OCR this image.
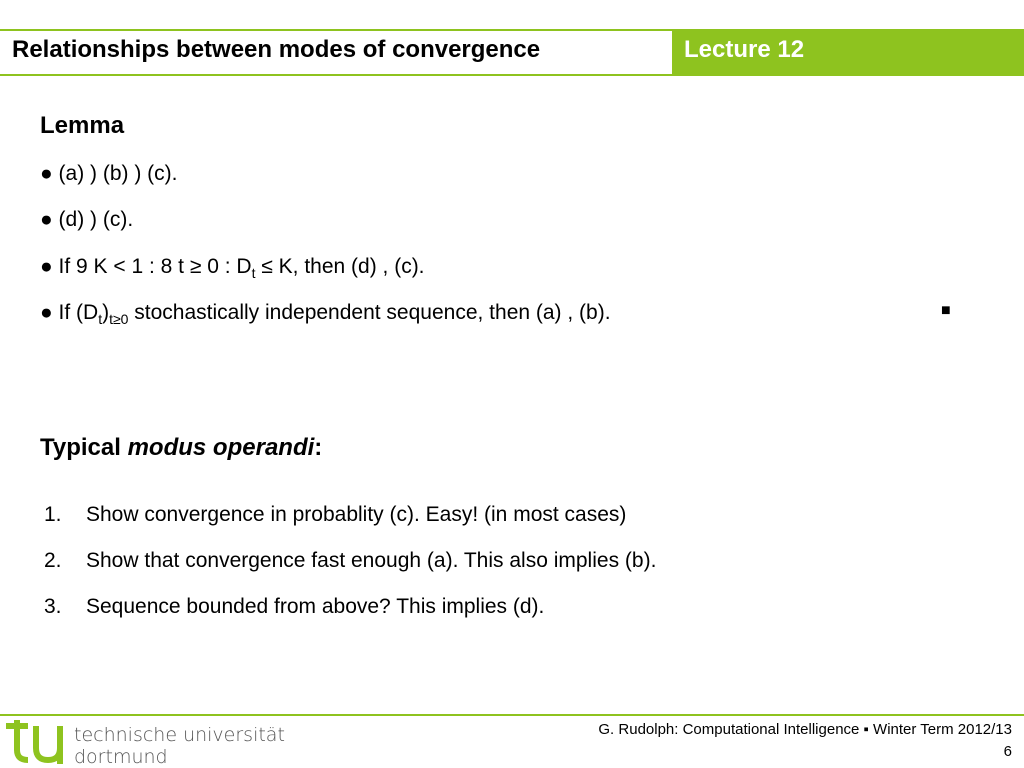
Relationships between modes of convergence	Lecture 12
Lemma
● (a) ) (b) ) (c).
● (d) ) (c).
● If 9 K < 1 : 8 t ≥ 0 : $D_t \le K$, then (d) , (c).
● If $(D_t)_{t\ge 0}$ stochastically independent sequence, then (a) , (b).	■
Typical modus operandi:
1. Show convergence in probablity (c). Easy! (in most cases)
2. Show that convergence fast enough (a). This also implies (b).
3. Sequence bounded from above? This implies (d).
technische universität
dortmund
G. Rudolph: Computational Intelligence ▪ Winter Term 2012/13
6
